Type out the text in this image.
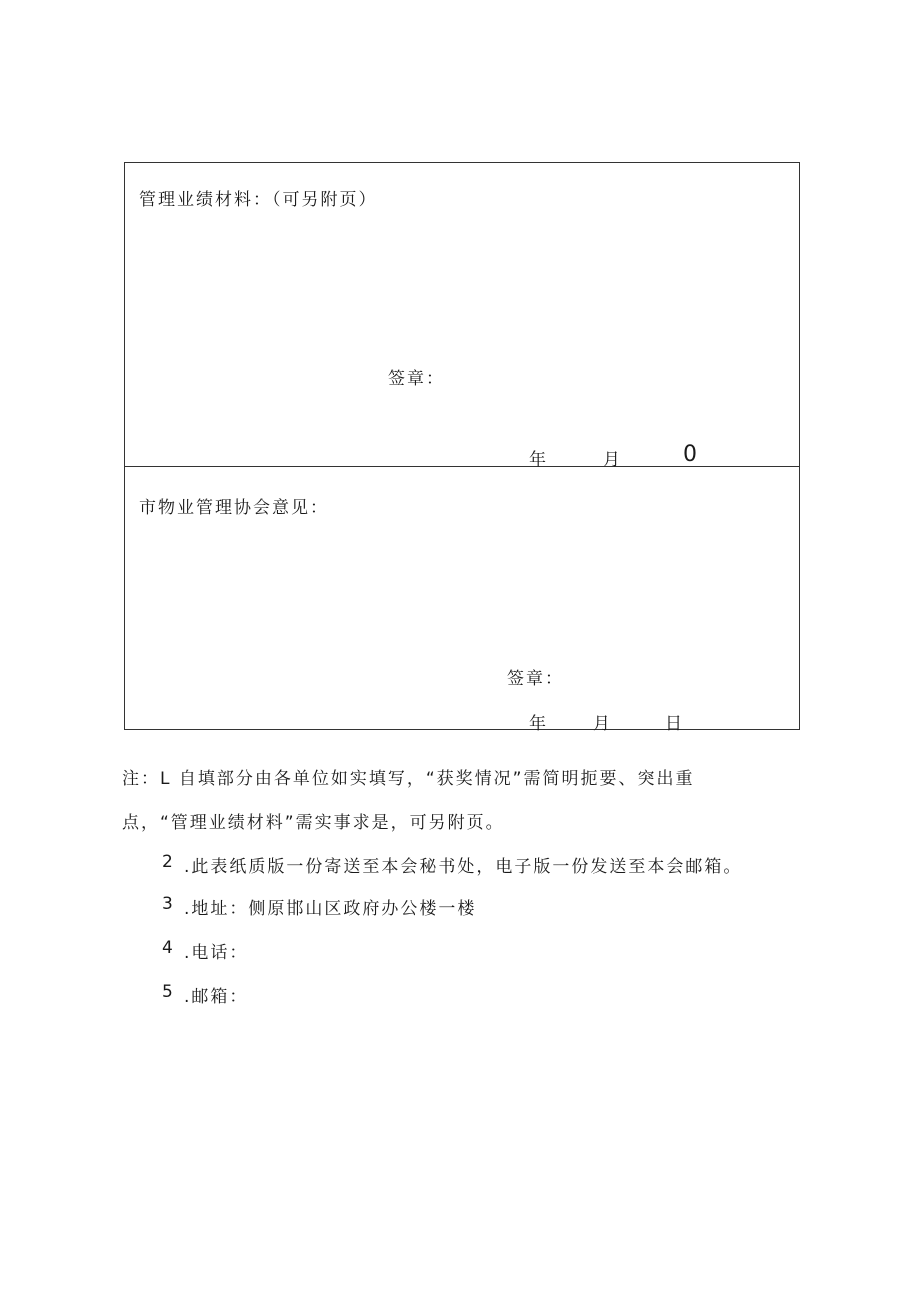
管理业绩材料：（可另附页）
签章：
年	月	0
市物业管理协会意见：
签章：
年	月	日
注：L 自填部分由各单位如实填写，“获奖情况”需简明扼要、突出重
点，“管理业绩材料”需实事求是，可另附页。
2 .此表纸质版一份寄送至本会秘书处，电子版一份发送至本会邮箱。
3 .地址：侧原邯山区政府办公楼一楼
4 .电话：
5 .邮箱：
